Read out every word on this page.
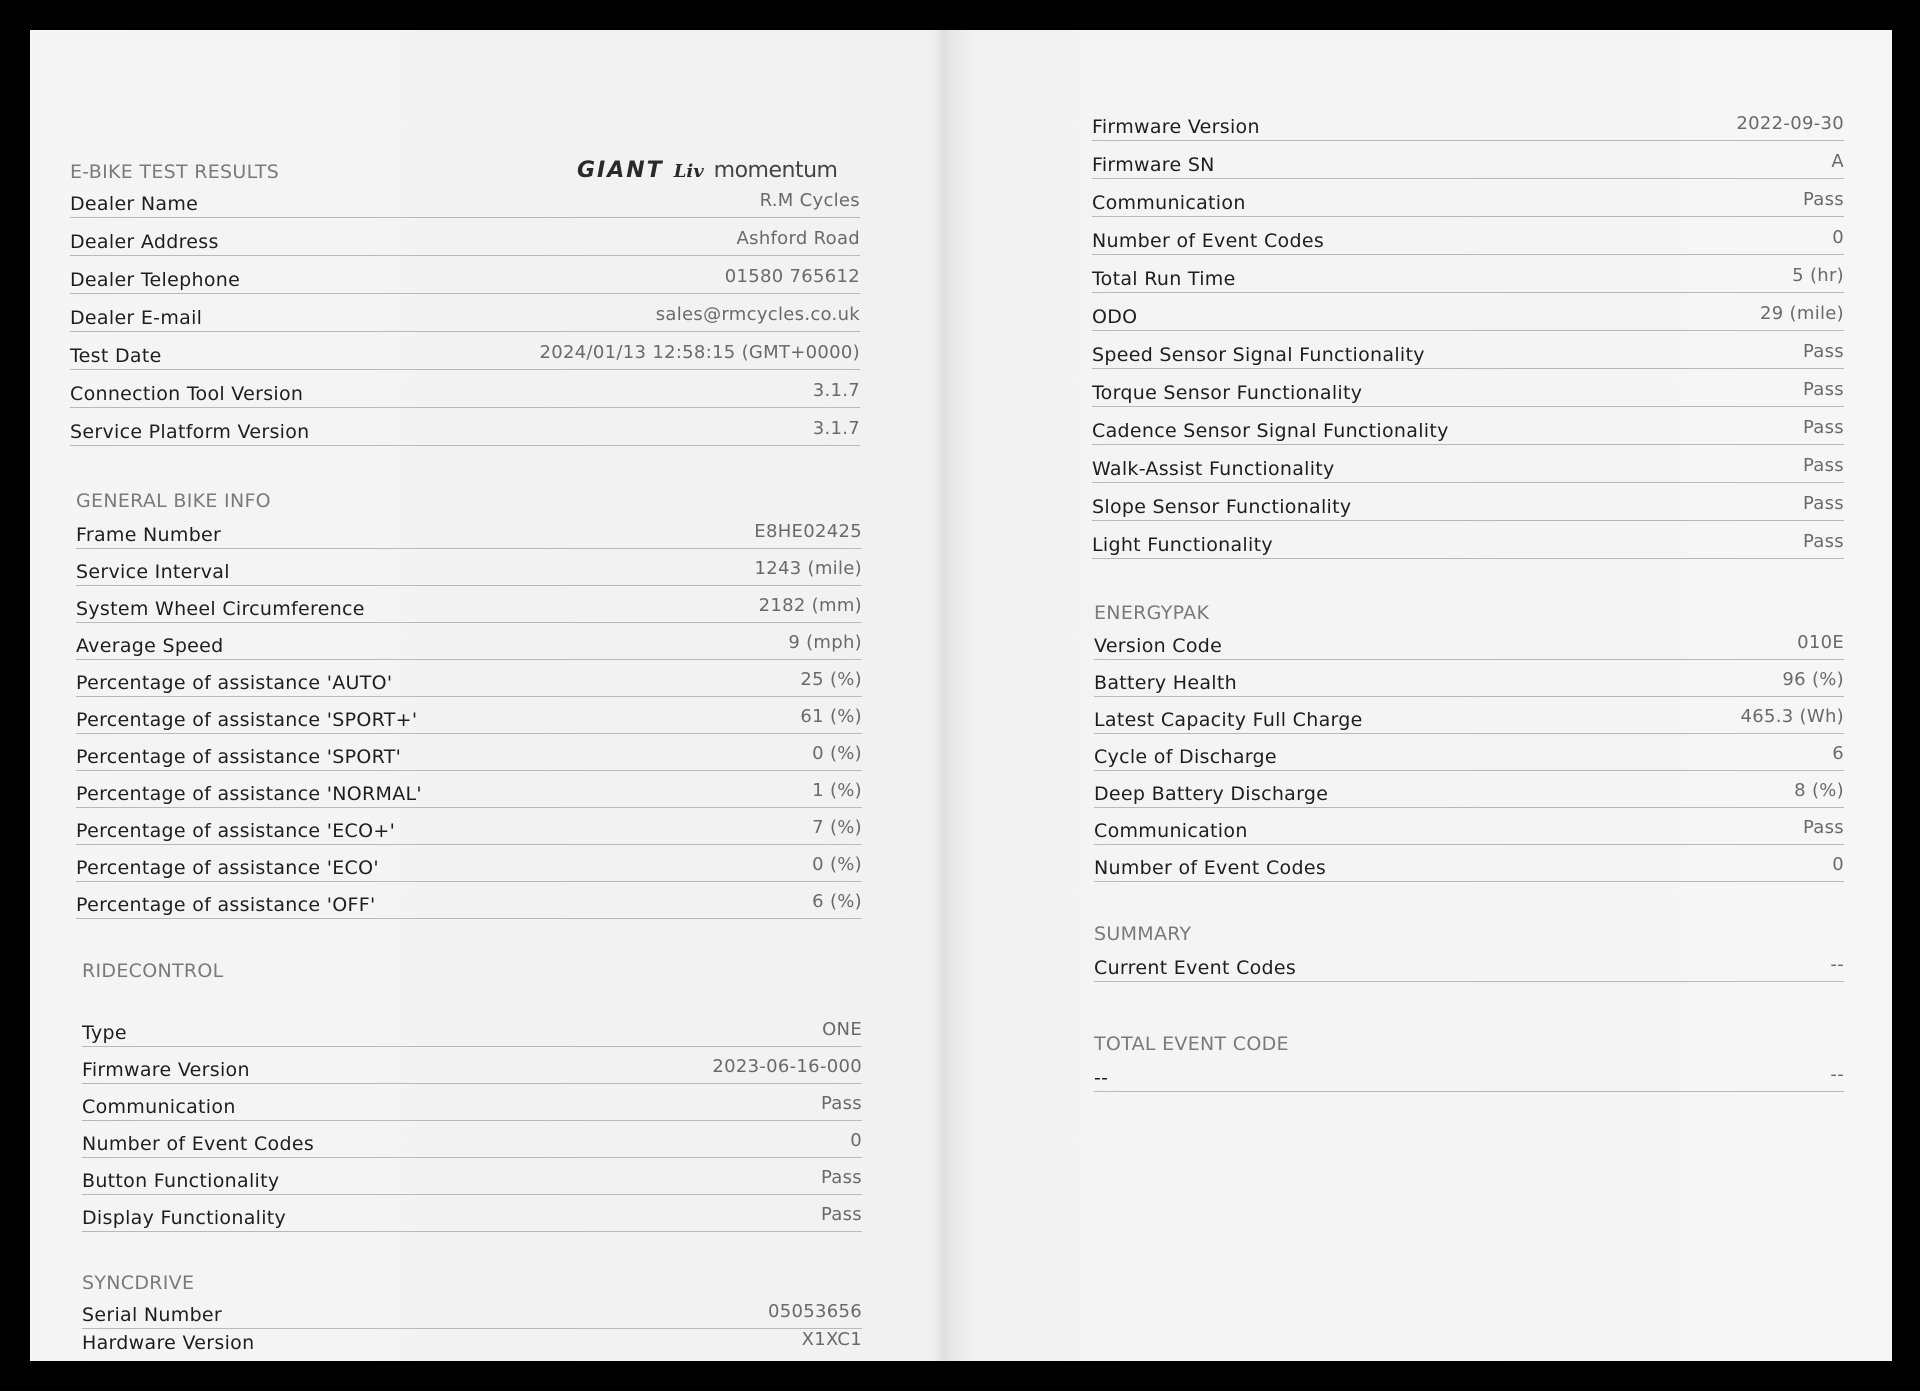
GIANT Liv momentum
E-BIKE TEST RESULTS
Dealer Name	R.M Cycles
Dealer Address	Ashford Road
Dealer Telephone	01580 765612
Dealer E-mail	sales@rmcycles.co.uk
Test Date	2024/01/13 12:58:15 (GMT+0000)
Connection Tool Version	3.1.7
Service Platform Version	3.1.7
GENERAL BIKE INFO
Frame Number	E8HE02425
Service Interval	1243 (mile)
System Wheel Circumference	2182 (mm)
Average Speed	9 (mph)
Percentage of assistance 'AUTO'	25 (%)
Percentage of assistance 'SPORT+'	61 (%)
Percentage of assistance 'SPORT'	0 (%)
Percentage of assistance 'NORMAL'	1 (%)
Percentage of assistance 'ECO+'	7 (%)
Percentage of assistance 'ECO'	0 (%)
Percentage of assistance 'OFF'	6 (%)
RIDECONTROL
Type	ONE
Firmware Version	2023-06-16-000
Communication	Pass
Number of Event Codes	0
Button Functionality	Pass
Display Functionality	Pass
SYNCDRIVE
Serial Number	05053656
Hardware Version	X1XC1
Firmware Version	2022-09-30
Firmware SN	A
Communication	Pass
Number of Event Codes	0
Total Run Time	5 (hr)
ODO	29 (mile)
Speed Sensor Signal Functionality	Pass
Torque Sensor Functionality	Pass
Cadence Sensor Signal Functionality	Pass
Walk-Assist Functionality	Pass
Slope Sensor Functionality	Pass
Light Functionality	Pass
ENERGYPAK
Version Code	010E
Battery Health	96 (%)
Latest Capacity Full Charge	465.3 (Wh)
Cycle of Discharge	6
Deep Battery Discharge	8 (%)
Communication	Pass
Number of Event Codes	0
SUMMARY
Current Event Codes	--
TOTAL EVENT CODE
--	--
